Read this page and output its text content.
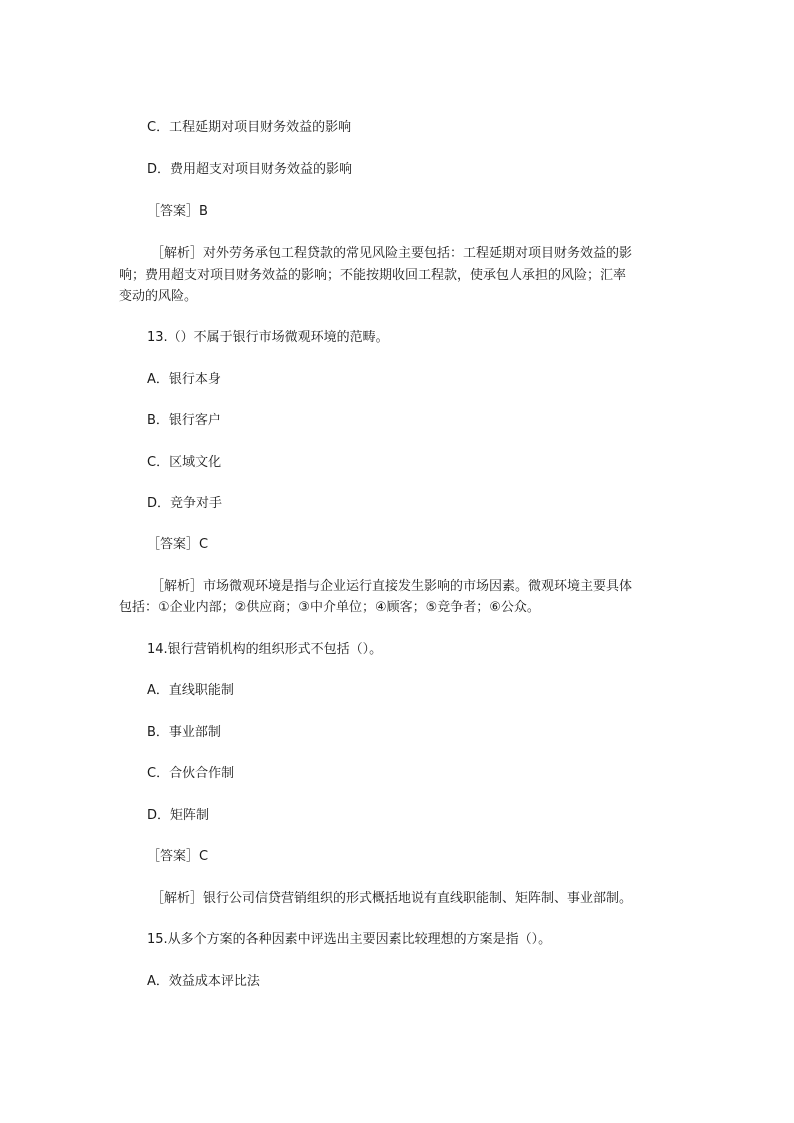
C．工程延期对项目财务效益的影响
D．费用超支对项目财务效益的影响
［答案］B
［解析］对外劳务承包工程贷款的常见风险主要包括：工程延期对项目财务效益的影
响；费用超支对项目财务效益的影响；不能按期收回工程款，使承包人承担的风险；汇率
变动的风险。
13.（）不属于银行市场微观环境的范畴。
A．银行本身
B．银行客户
C．区域文化
D．竞争对手
［答案］C
［解析］市场微观环境是指与企业运行直接发生影响的市场因素。微观环境主要具体
包括：①企业内部；②供应商；③中介单位；④顾客；⑤竞争者；⑥公众。
14.银行营销机构的组织形式不包括（）。
A．直线职能制
B．事业部制
C．合伙合作制
D．矩阵制
［答案］C
［解析］银行公司信贷营销组织的形式概括地说有直线职能制、矩阵制、事业部制。
15.从多个方案的各种因素中评选出主要因素比较理想的方案是指（）。
A．效益成本评比法
